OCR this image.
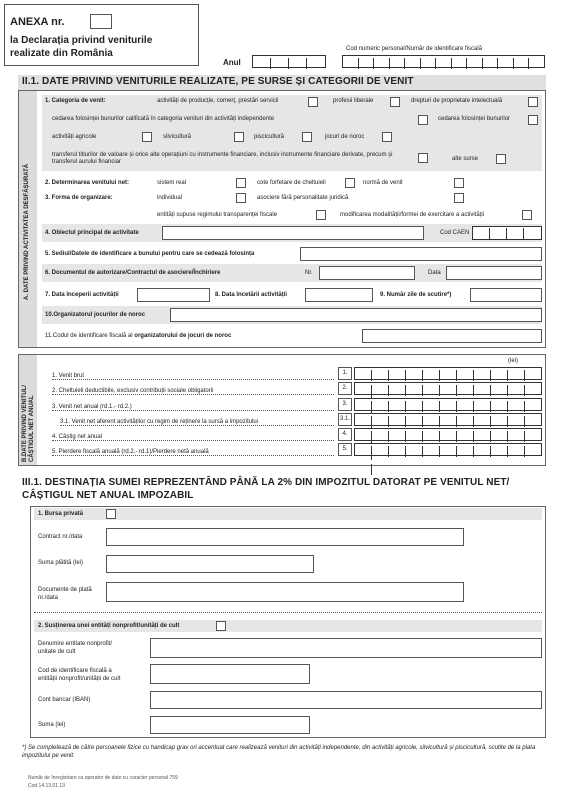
ANEXA nr.
la Declarația privind veniturile
realizate din România
Anul
Cod numeric personal/Număr de identificare fiscală
II.1. DATE PRIVIND VENITURILE REALIZATE, PE SURSE ȘI CATEGORII DE VENIT
A. DATE PRIVIND ACTIVITATEA DESFĂȘURATĂ
1. Categoria de venit:	activități de producție, comerț, prestări servicii	profesii liberale	drepturi de proprietate intelectuală
cedarea folosinței bunurilor calificată în categoria venituri din activități independente	cedarea folosinței bunurilor
activități agricole	silvicultură	piscicultură	jocuri de noroc
transferul titlurilor de valoare și orice alte operațiuni cu instrumente financiare, inclusiv instrumente financiare derivate, precum și transferul aurului financiar	alte surse
2. Determinarea venitului net:	sistem real	cote forfetare de cheltuieli	normă de venit
3. Forma de organizare:	individual	asociere fără personalitate juridică
entități supuse regimului transparenței fiscale	modificarea modalității/formei de exercitare a activității
4. Obiectul principal de activitate	Cod CAEN
5. Sediul/Datele de identificare a bunului pentru care se cedează folosința
6. Documentul de autorizare/Contractul de asociere/Închiriere	Nr.	Data
7. Data începerii activității	8. Data încetării activității	9. Număr zile de scutire*)
10.Organizatorul jocurilor de noroc
11.Codul de identificare fiscală al organizatorului de jocuri de noroc
B.DATE PRIVIND VENITUL/ CÂȘTIGUL NET ANUAL
(lei)
1. Venit brut	1.
2. Cheltuieli deductibile, exclusiv contribuții sociale obligatorii	2.
3. Venit net anual (rd.1.- rd.2.)	3.
3.1. Venit net aferent activităților cu regim de reținere la sursă a impozitului	3.1.
4. Câștig net anual	4.
5. Pierdere fiscală anuală (rd.2.- rd.1)/Pierdere netă anuală	5.
III.1. DESTINAȚIA SUMEI REPREZENTÂND PÂNĂ LA 2% DIN IMPOZITUL DATORAT PE VENITUL NET/
CÂȘTIGUL NET ANUAL IMPOZABIL
1. Bursa privată
Contract nr./data
Suma plătită (lei)
Documente de plată
nr./data
2. Susținerea unei entități nonprofit/unități de cult
Denumire entitate nonprofit/
unitate de cult
Cod de identificare fiscală a
entității nonprofit/unității de cult
Cont bancar (IBAN)
Suma (lei)
*) Se completează de către persoanele fizice cu handicap grav ori accentuat care realizează venituri din activități independente, din activități agricole, silvicultură și piscicultură, scutite de la plata impozitului pe venit.
Număr de înregistrare ca operator de date cu caracter personal 759
Cod 14.13.01.13
